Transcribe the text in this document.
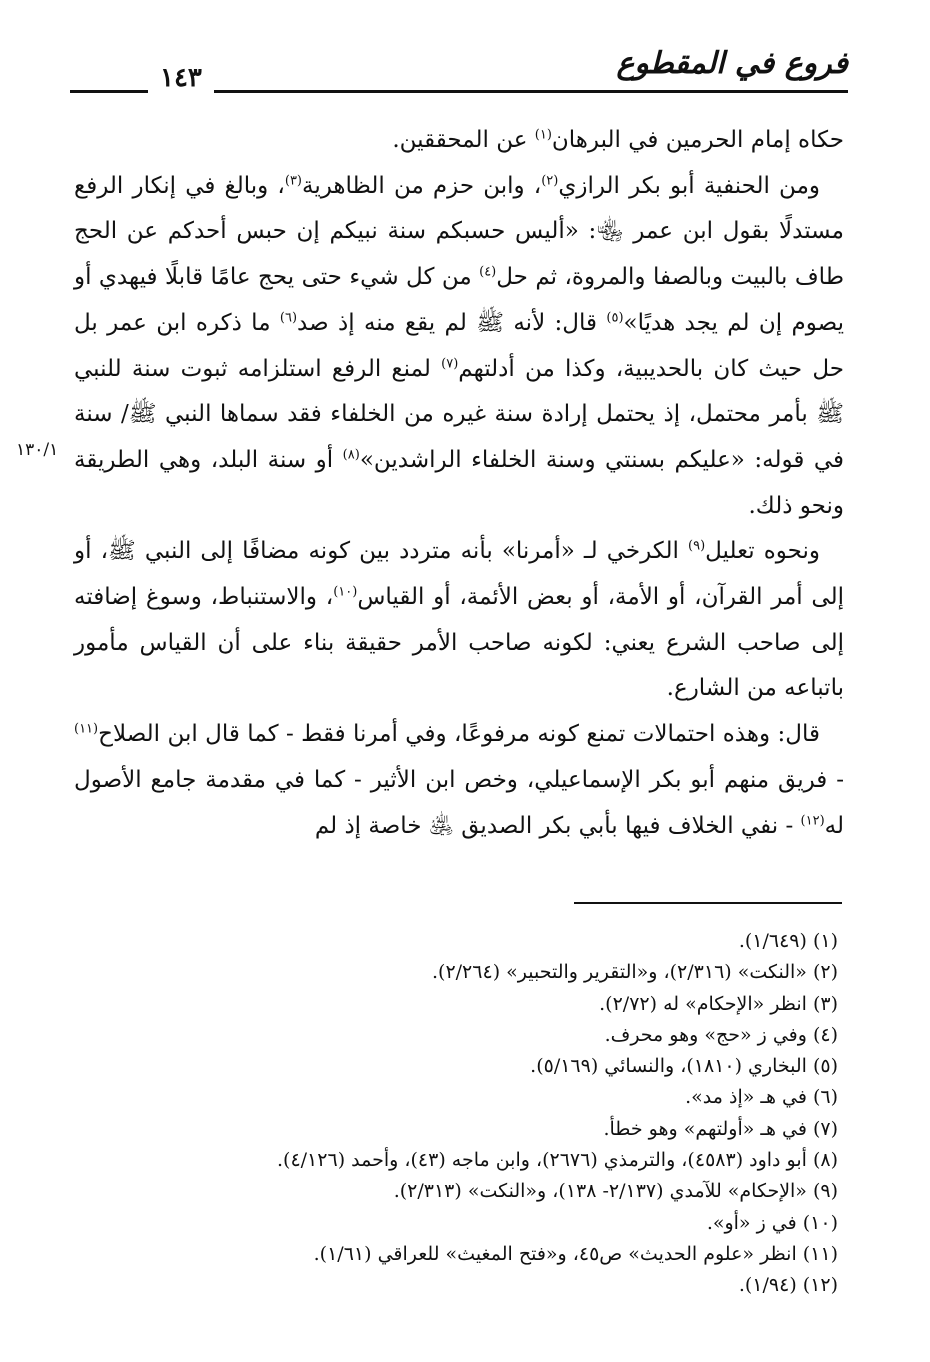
فروع في المقطوع
١٤٣
١٣٠/١

حكاه إمام الحرمين في البرهان$^{(١)}$ عن المحققين.

ومن الحنفية أبو بكر الرازي$^{(٢)}$، وابن حزم من الظاهرية$^{(٣)}$، وبالغ في إنكار الرفع مستدلًا بقول ابن عمر ﵄: «أليس حسبكم سنة نبيكم إن حبس أحدكم عن الحج طاف بالبيت وبالصفا والمروة، ثم حل$^{(٤)}$ من كل شيء حتى يحج عامًا قابلًا فيهدي أو يصوم إن لم يجد هديًا»$^{(٥)}$ قال: لأنه ﷺ لم يقع منه إذ صد$^{(٦)}$ ما ذكره ابن عمر بل حل حيث كان بالحديبية، وكذا من أدلتهم$^{(٧)}$ لمنع الرفع استلزامه ثبوت سنة للنبي ﷺ بأمر محتمل، إذ يحتمل إرادة سنة غيره من الخلفاء فقد سماها النبي ﷺ/ سنة في قوله: «عليكم بسنتي وسنة الخلفاء الراشدين»$^{(٨)}$ أو سنة البلد، وهي الطريقة ونحو ذلك.

ونحوه تعليل$^{(٩)}$ الكرخي لـ «أمرنا» بأنه متردد بين كونه مضافًا إلى النبي ﷺ، أو إلى أمر القرآن، أو الأمة، أو بعض الأئمة، أو القياس$^{(١٠)}$، والاستنباط، وسوغ إضافته إلى صاحب الشرع يعني: لكونه صاحب الأمر حقيقة بناء على أن القياس مأمور باتباعه من الشارع.

قال: وهذه احتمالات تمنع كونه مرفوعًا، وفي أمرنا فقط - كما قال ابن الصلاح$^{(١١)}$ - فريق منهم أبو بكر الإسماعيلي، وخص ابن الأثير - كما في مقدمة جامع الأصول له$^{(١٢)}$ - نفي الخلاف فيها بأبي بكر الصديق ﵁ خاصة إذ لم

(١)(١/٦٤٩).
(٢)«النكت» (٢/٣١٦)، و«التقرير والتحبير» (٢/٢٦٤).
(٣)انظر «الإحكام» له (٢/٧٢).
(٤)وفي ز «حج» وهو محرف.
(٥)البخاري (١٨١٠)، والنسائي (٥/١٦٩).
(٦)في هـ «إذ مد».
(٧)في هـ «أولتهم» وهو خطأ.
(٨)أبو داود (٤٥٨٣)، والترمذي (٢٦٧٦)، وابن ماجه (٤٣)، وأحمد (٤/١٢٦).
(٩)«الإحكام» للآمدي (٢/١٣٧- ١٣٨)، و«النكت» (٢/٣١٣).
(١٠)في ز «أو».
(١١)انظر «علوم الحديث» ص٤٥، و«فتح المغيث» للعراقي (١/٦١).
(١٢)(١/٩٤).
